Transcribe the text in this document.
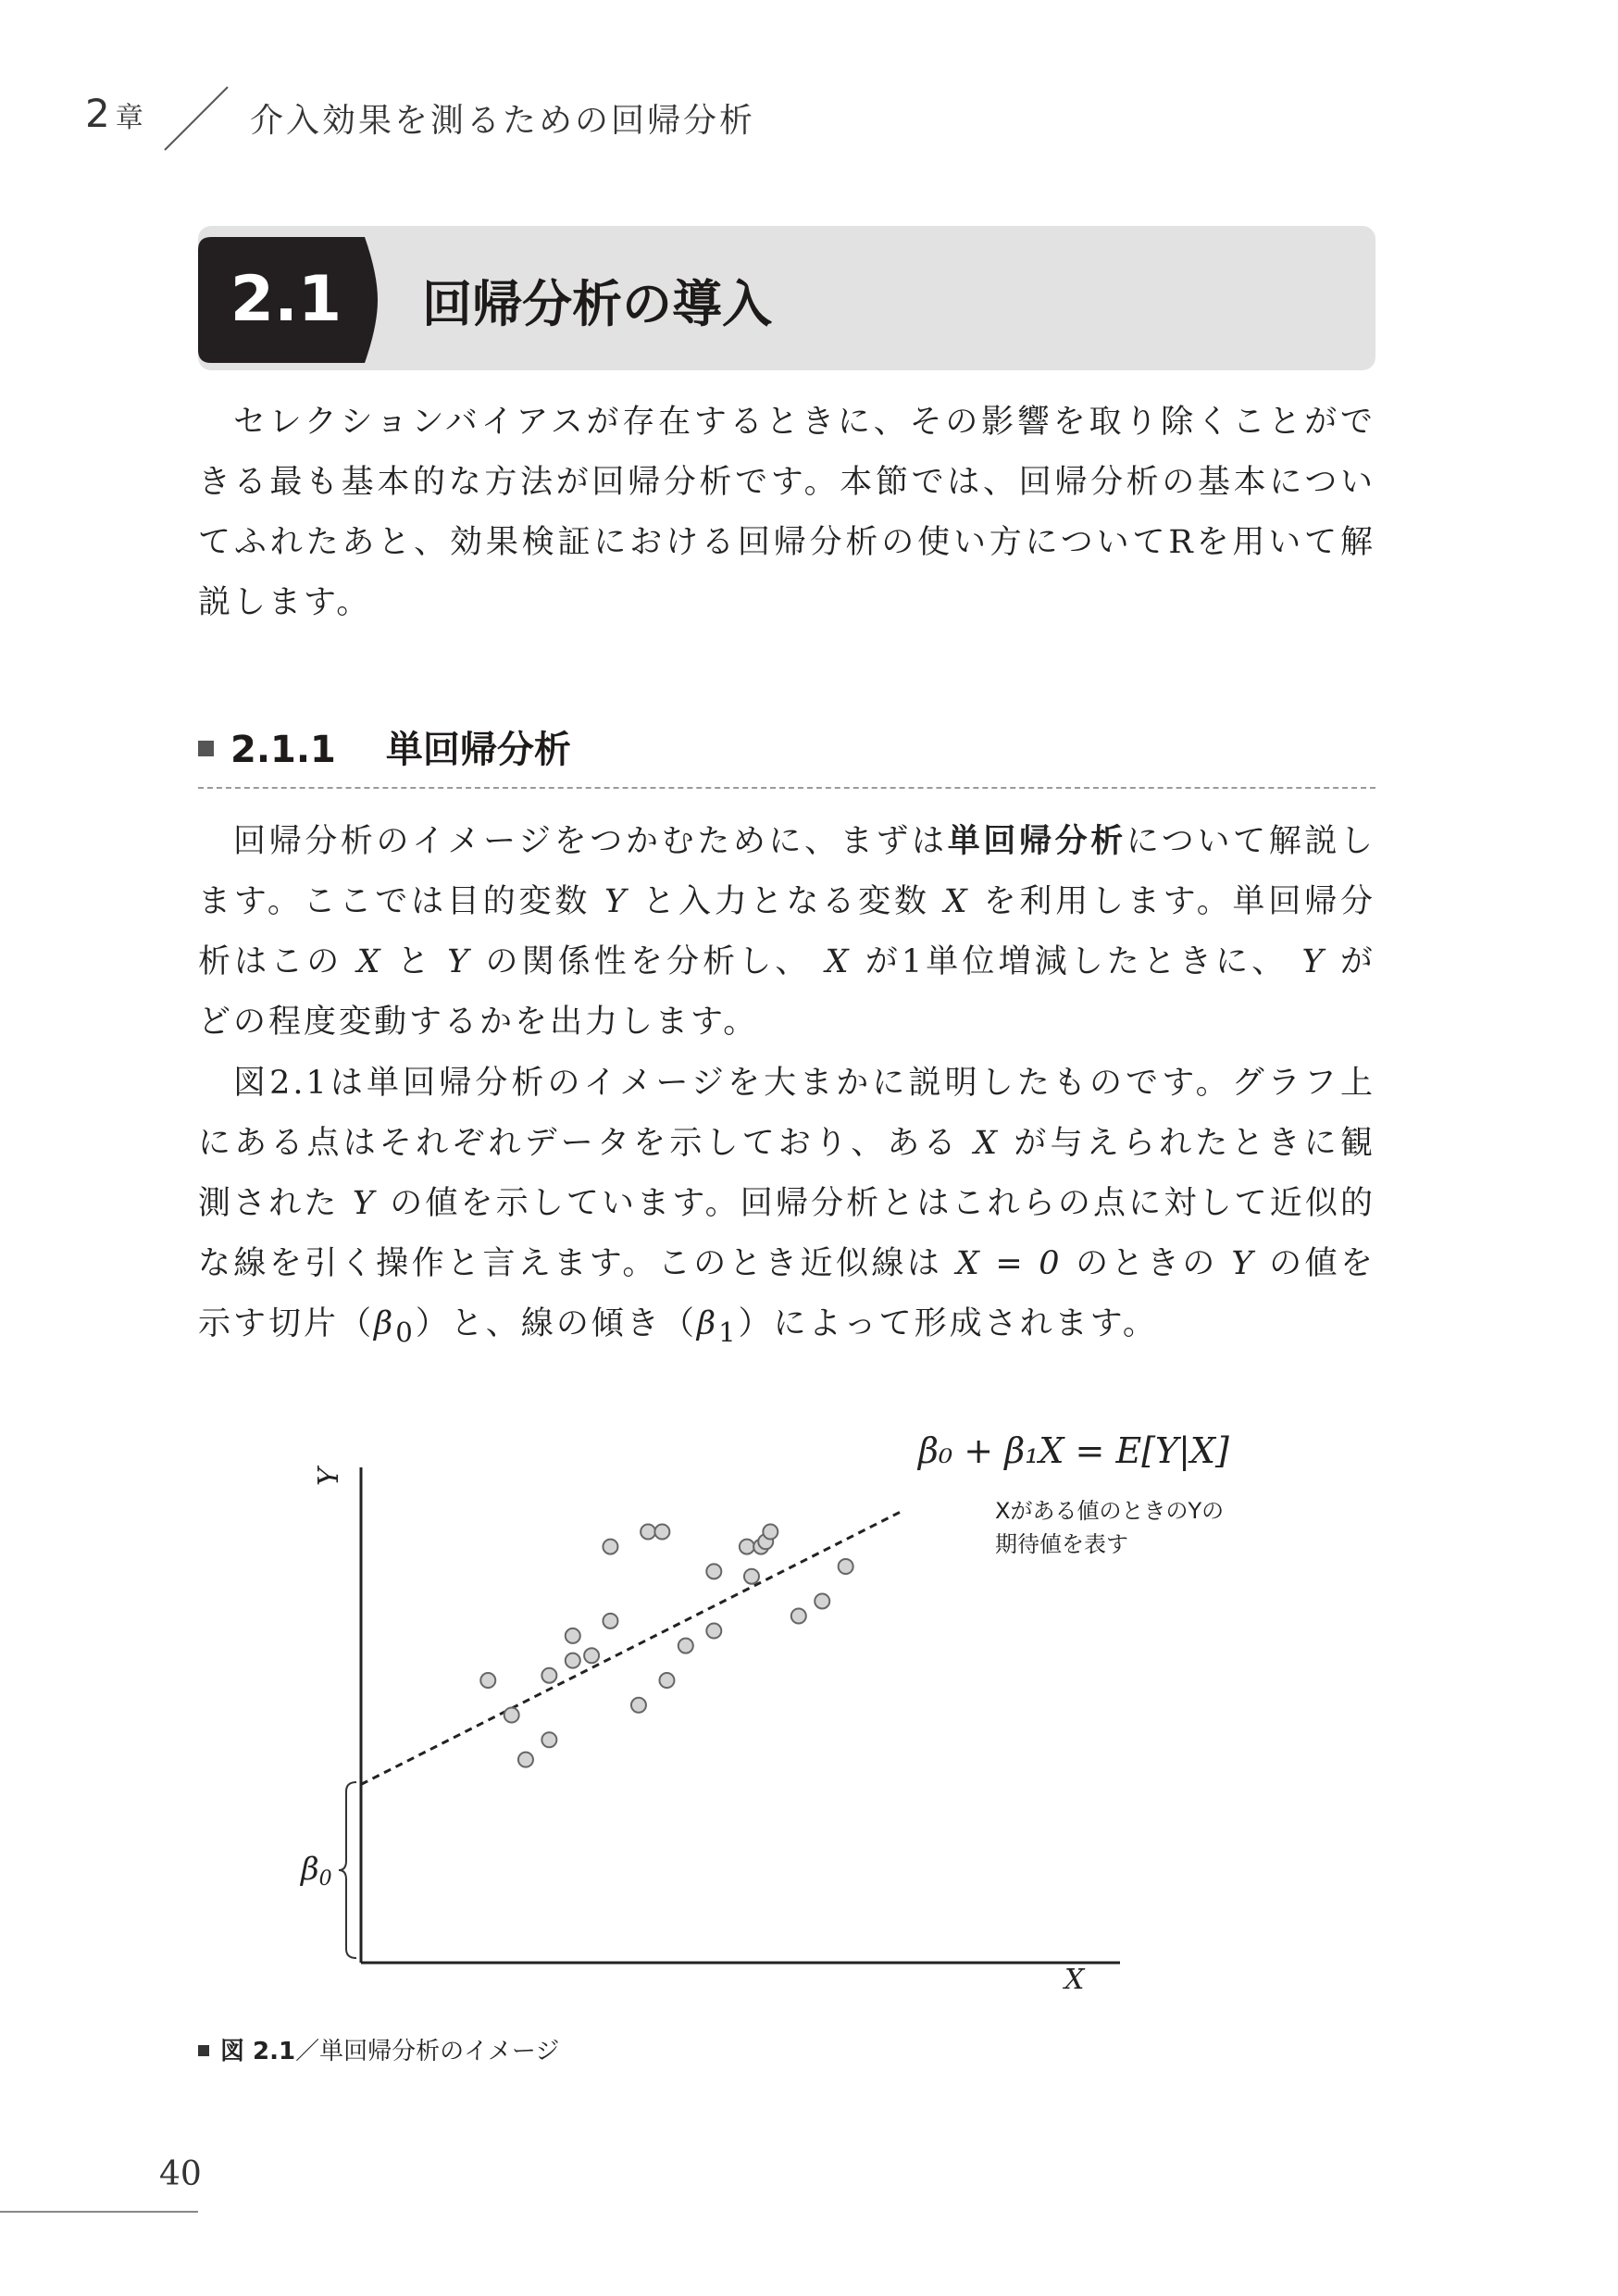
2 章	介入効果を測るための回帰分析
2.1	回帰分析の導入

セレクションバイアスが存在するときに、その影響を取り除くことができる最も基本的な方法が回帰分析です。本節では、回帰分析の基本についてふれたあと、効果検証における回帰分析の使い方についてRを用いて解説します。

2.1.1 単回帰分析

回帰分析のイメージをつかむために、まずは単回帰分析について解説します。ここでは目的変数 Y と入力となる変数 X を利用します。単回帰分析はこの X と Y の関係性を分析し、 X が1単位増減したときに、 Y がどの程度変動するかを出力します。

図2.1は単回帰分析のイメージを大まかに説明したものです。グラフ上にある点はそれぞれデータを示しており、ある X が与えられたときに観測された Y の値を示しています。回帰分析とはこれらの点に対して近似的な線を引く操作と言えます。このとき近似線は X = 0 のときの Y の値を示す切片$(\beta_0)$と、線の傾き$(\beta_1)$によって形成されます。

Y
X
β0
β₀ + β₁X = E[Y|X]
Xがある値のときのYの
期待値を表す
図 2.1／単回帰分析のイメージ
40
